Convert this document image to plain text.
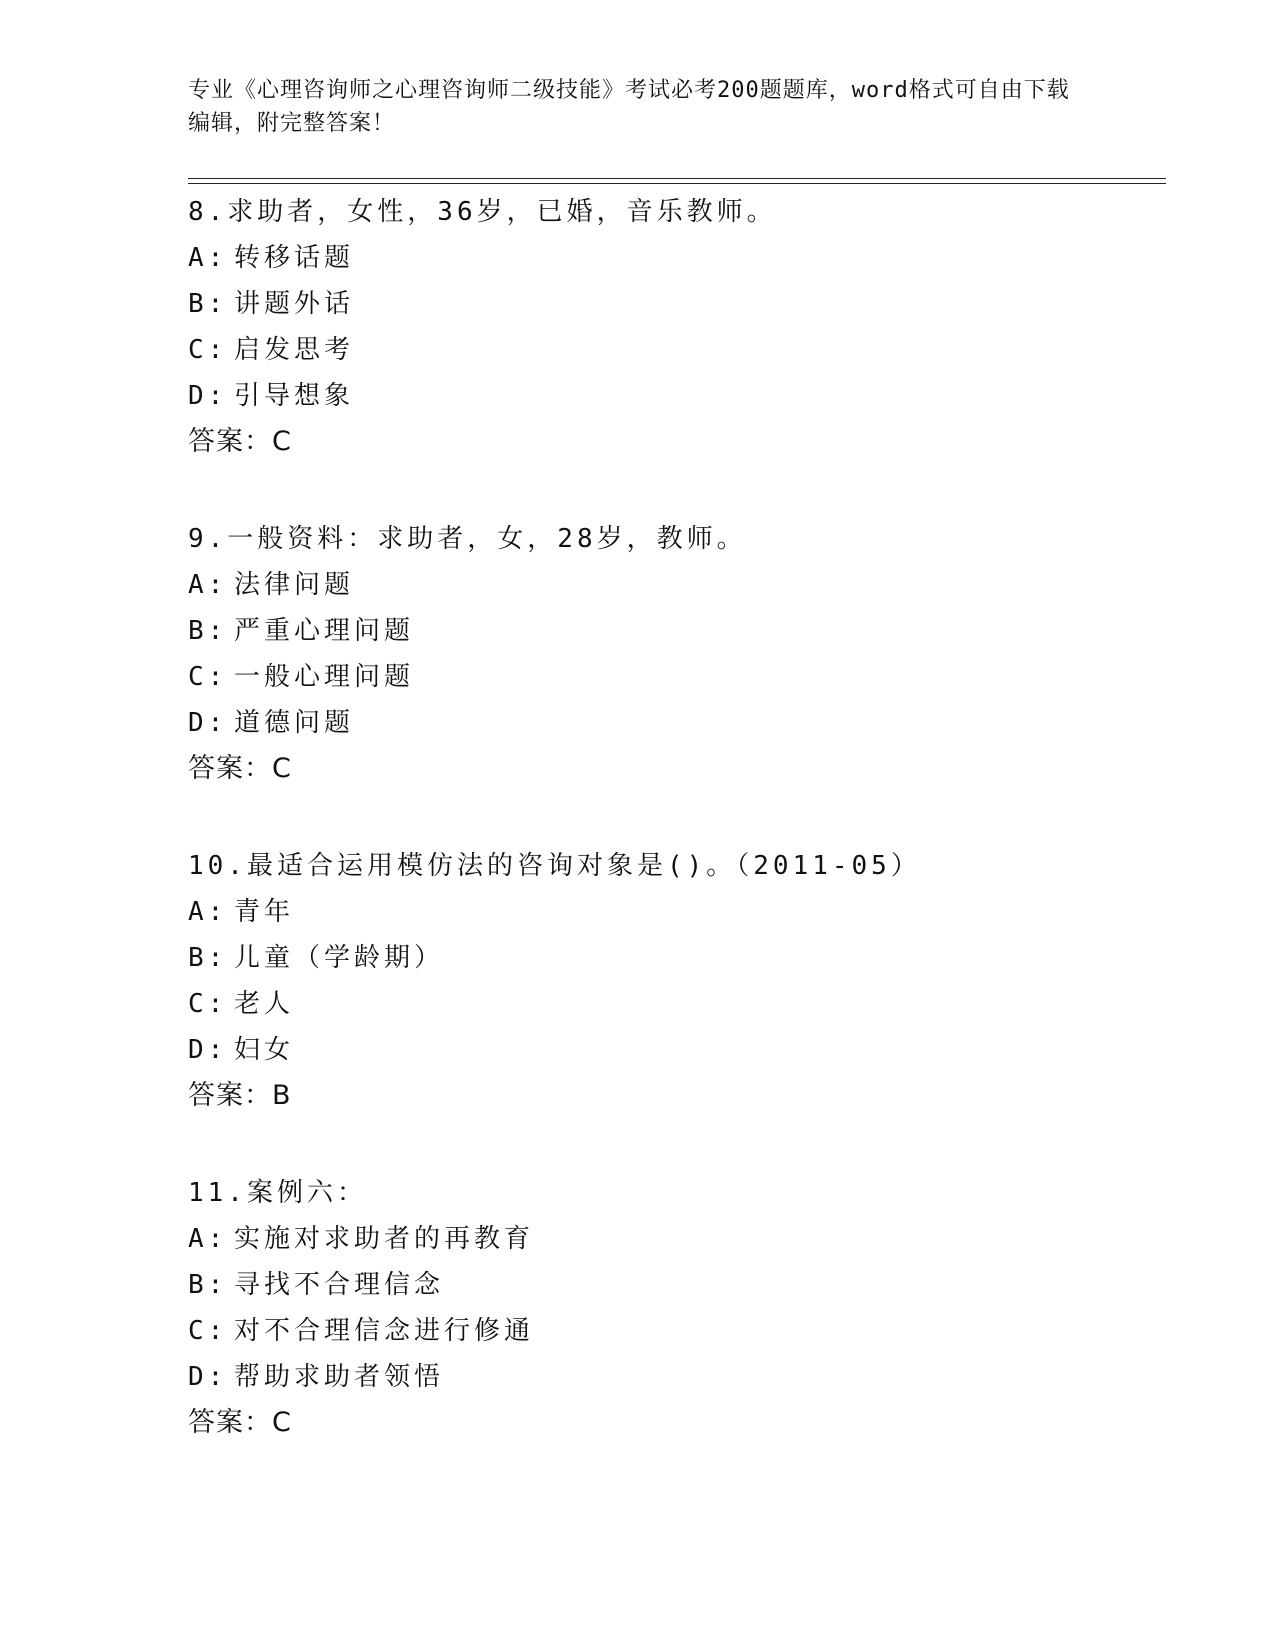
专业《心理咨询师之心理咨询师二级技能》考试必考200题题库，word格式可自由下载编辑，附完整答案！
8.求助者，女性，36岁，已婚，音乐教师。
A: 转移话题
B: 讲题外话
C: 启发思考
D: 引导想象
答案：C
9.一般资料：求助者，女，28岁，教师。
A: 法律问题
B: 严重心理问题
C: 一般心理问题
D: 道德问题
答案：C
10.最适合运用模仿法的咨询对象是()。（2011-05）
A: 青年
B: 儿童（学龄期）
C: 老人
D: 妇女
答案：B
11.案例六：
A: 实施对求助者的再教育
B: 寻找不合理信念
C: 对不合理信念进行修通
D: 帮助求助者领悟
答案：C
